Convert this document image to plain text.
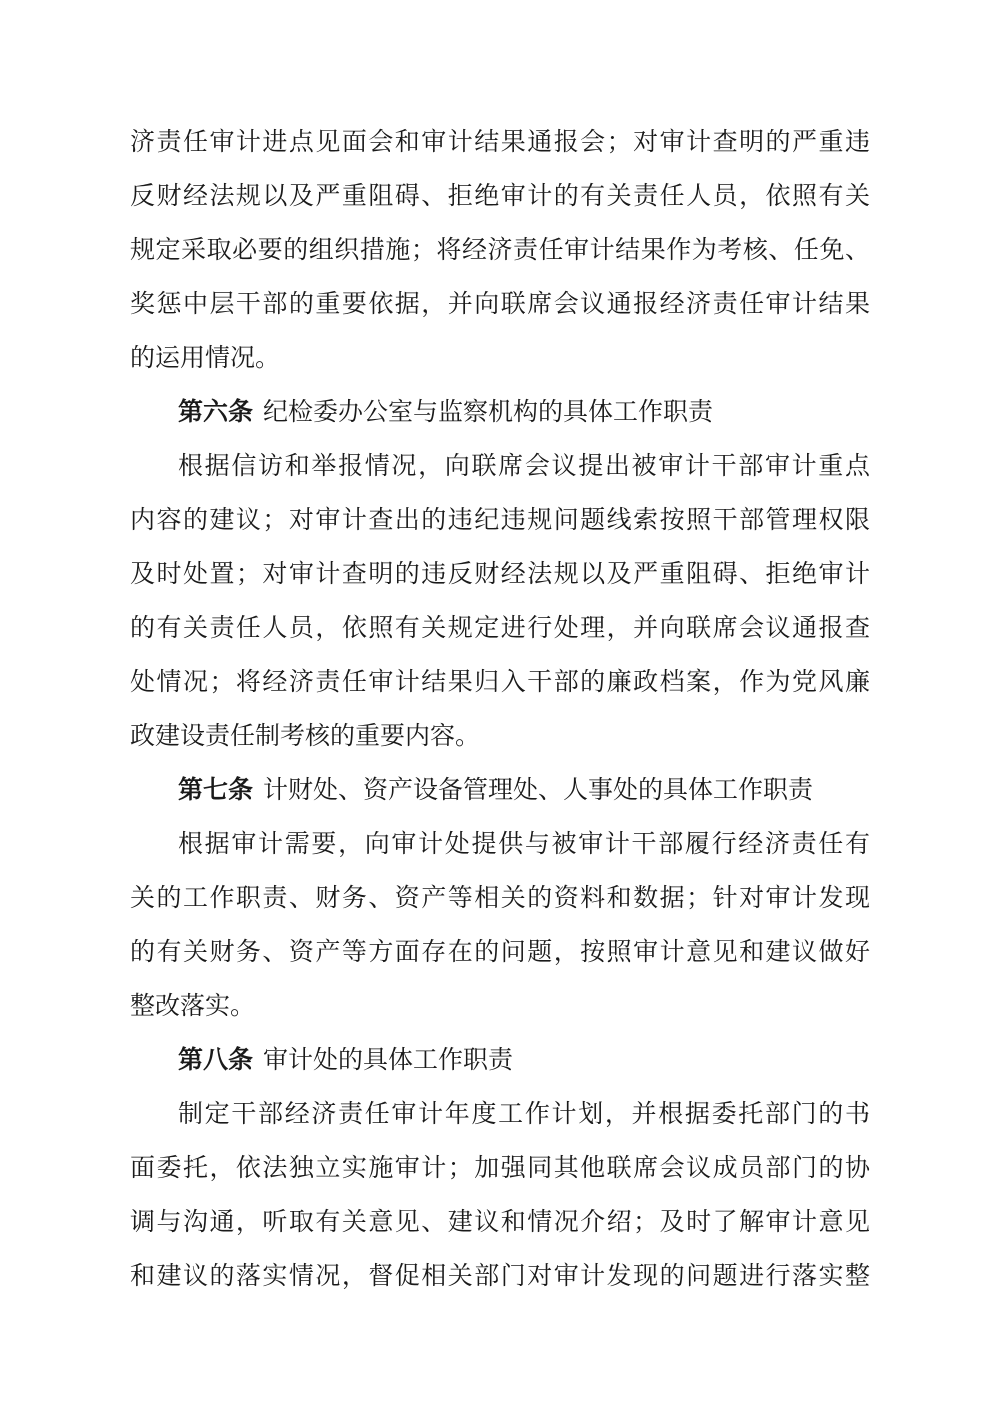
济责任审计进点见面会和审计结果通报会；对审计查明的严重违
反财经法规以及严重阻碍、拒绝审计的有关责任人员，依照有关
规定采取必要的组织措施；将经济责任审计结果作为考核、任免、
奖惩中层干部的重要依据，并向联席会议通报经济责任审计结果
的运用情况。
第六条 纪检委办公室与监察机构的具体工作职责
根据信访和举报情况，向联席会议提出被审计干部审计重点
内容的建议；对审计查出的违纪违规问题线索按照干部管理权限
及时处置；对审计查明的违反财经法规以及严重阻碍、拒绝审计
的有关责任人员，依照有关规定进行处理，并向联席会议通报查
处情况；将经济责任审计结果归入干部的廉政档案，作为党风廉
政建设责任制考核的重要内容。
第七条 计财处、资产设备管理处、人事处的具体工作职责
根据审计需要，向审计处提供与被审计干部履行经济责任有
关的工作职责、财务、资产等相关的资料和数据；针对审计发现
的有关财务、资产等方面存在的问题，按照审计意见和建议做好
整改落实。
第八条 审计处的具体工作职责
制定干部经济责任审计年度工作计划，并根据委托部门的书
面委托，依法独立实施审计；加强同其他联席会议成员部门的协
调与沟通，听取有关意见、建议和情况介绍；及时了解审计意见
和建议的落实情况，督促相关部门对审计发现的问题进行落实整
